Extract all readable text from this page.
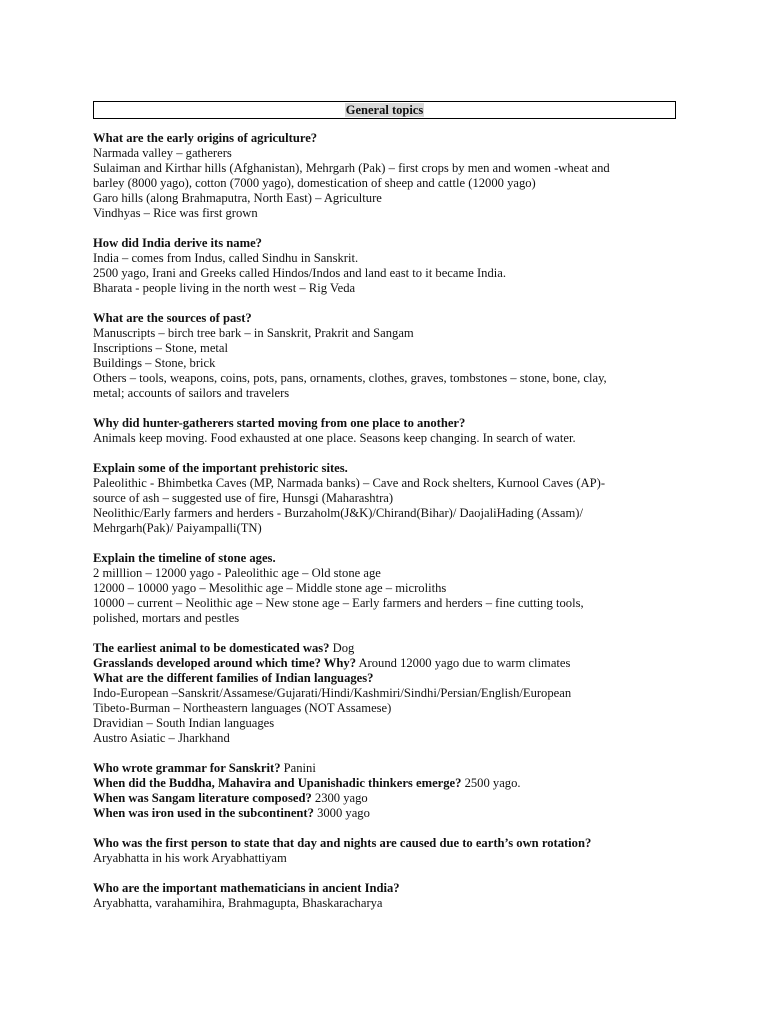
General topics
What are the early origins of agriculture?
Narmada valley – gatherers
Sulaiman and Kirthar hills (Afghanistan), Mehrgarh (Pak) – first crops by men and women -wheat and
barley (8000 yago), cotton (7000 yago), domestication of sheep and cattle (12000 yago)
Garo hills (along Brahmaputra, North East) – Agriculture
Vindhyas – Rice was first grown
How did India derive its name?
India – comes from Indus, called Sindhu in Sanskrit.
2500 yago, Irani and Greeks called Hindos/Indos and land east to it became India.
Bharata - people living in the north west – Rig Veda
What are the sources of past?
Manuscripts – birch tree bark – in Sanskrit, Prakrit and Sangam
Inscriptions – Stone, metal
Buildings – Stone, brick
Others – tools, weapons, coins, pots, pans, ornaments, clothes, graves, tombstones – stone, bone, clay,
metal; accounts of sailors and travelers
Why did hunter-gatherers started moving from one place to another?
Animals keep moving. Food exhausted at one place. Seasons keep changing. In search of water.
Explain some of the important prehistoric sites.
Paleolithic - Bhimbetka Caves (MP, Narmada banks) – Cave and Rock shelters, Kurnool Caves (AP)-
source of ash – suggested use of fire, Hunsgi (Maharashtra)
Neolithic/Early farmers and herders - Burzaholm(J&K)/Chirand(Bihar)/ DaojaliHading (Assam)/
Mehrgarh(Pak)/ Paiyampalli(TN)
Explain the timeline of stone ages.
2 milllion – 12000 yago - Paleolithic age – Old stone age
12000 – 10000 yago – Mesolithic age – Middle stone age – microliths
10000 – current – Neolithic age – New stone age – Early farmers and herders – fine cutting tools,
polished, mortars and pestles
The earliest animal to be domesticated was? Dog
Grasslands developed around which time? Why? Around 12000 yago due to warm climates
What are the different families of Indian languages?
Indo-European –Sanskrit/Assamese/Gujarati/Hindi/Kashmiri/Sindhi/Persian/English/European
Tibeto-Burman – Northeastern languages (NOT Assamese)
Dravidian – South Indian languages
Austro Asiatic – Jharkhand
Who wrote grammar for Sanskrit? Panini
When did the Buddha, Mahavira and Upanishadic thinkers emerge? 2500 yago.
When was Sangam literature composed? 2300 yago
When was iron used in the subcontinent? 3000 yago
Who was the first person to state that day and nights are caused due to earth’s own rotation?
Aryabhatta in his work Aryabhattiyam
Who are the important mathematicians in ancient India?
Aryabhatta, varahamihira, Brahmagupta, Bhaskaracharya
